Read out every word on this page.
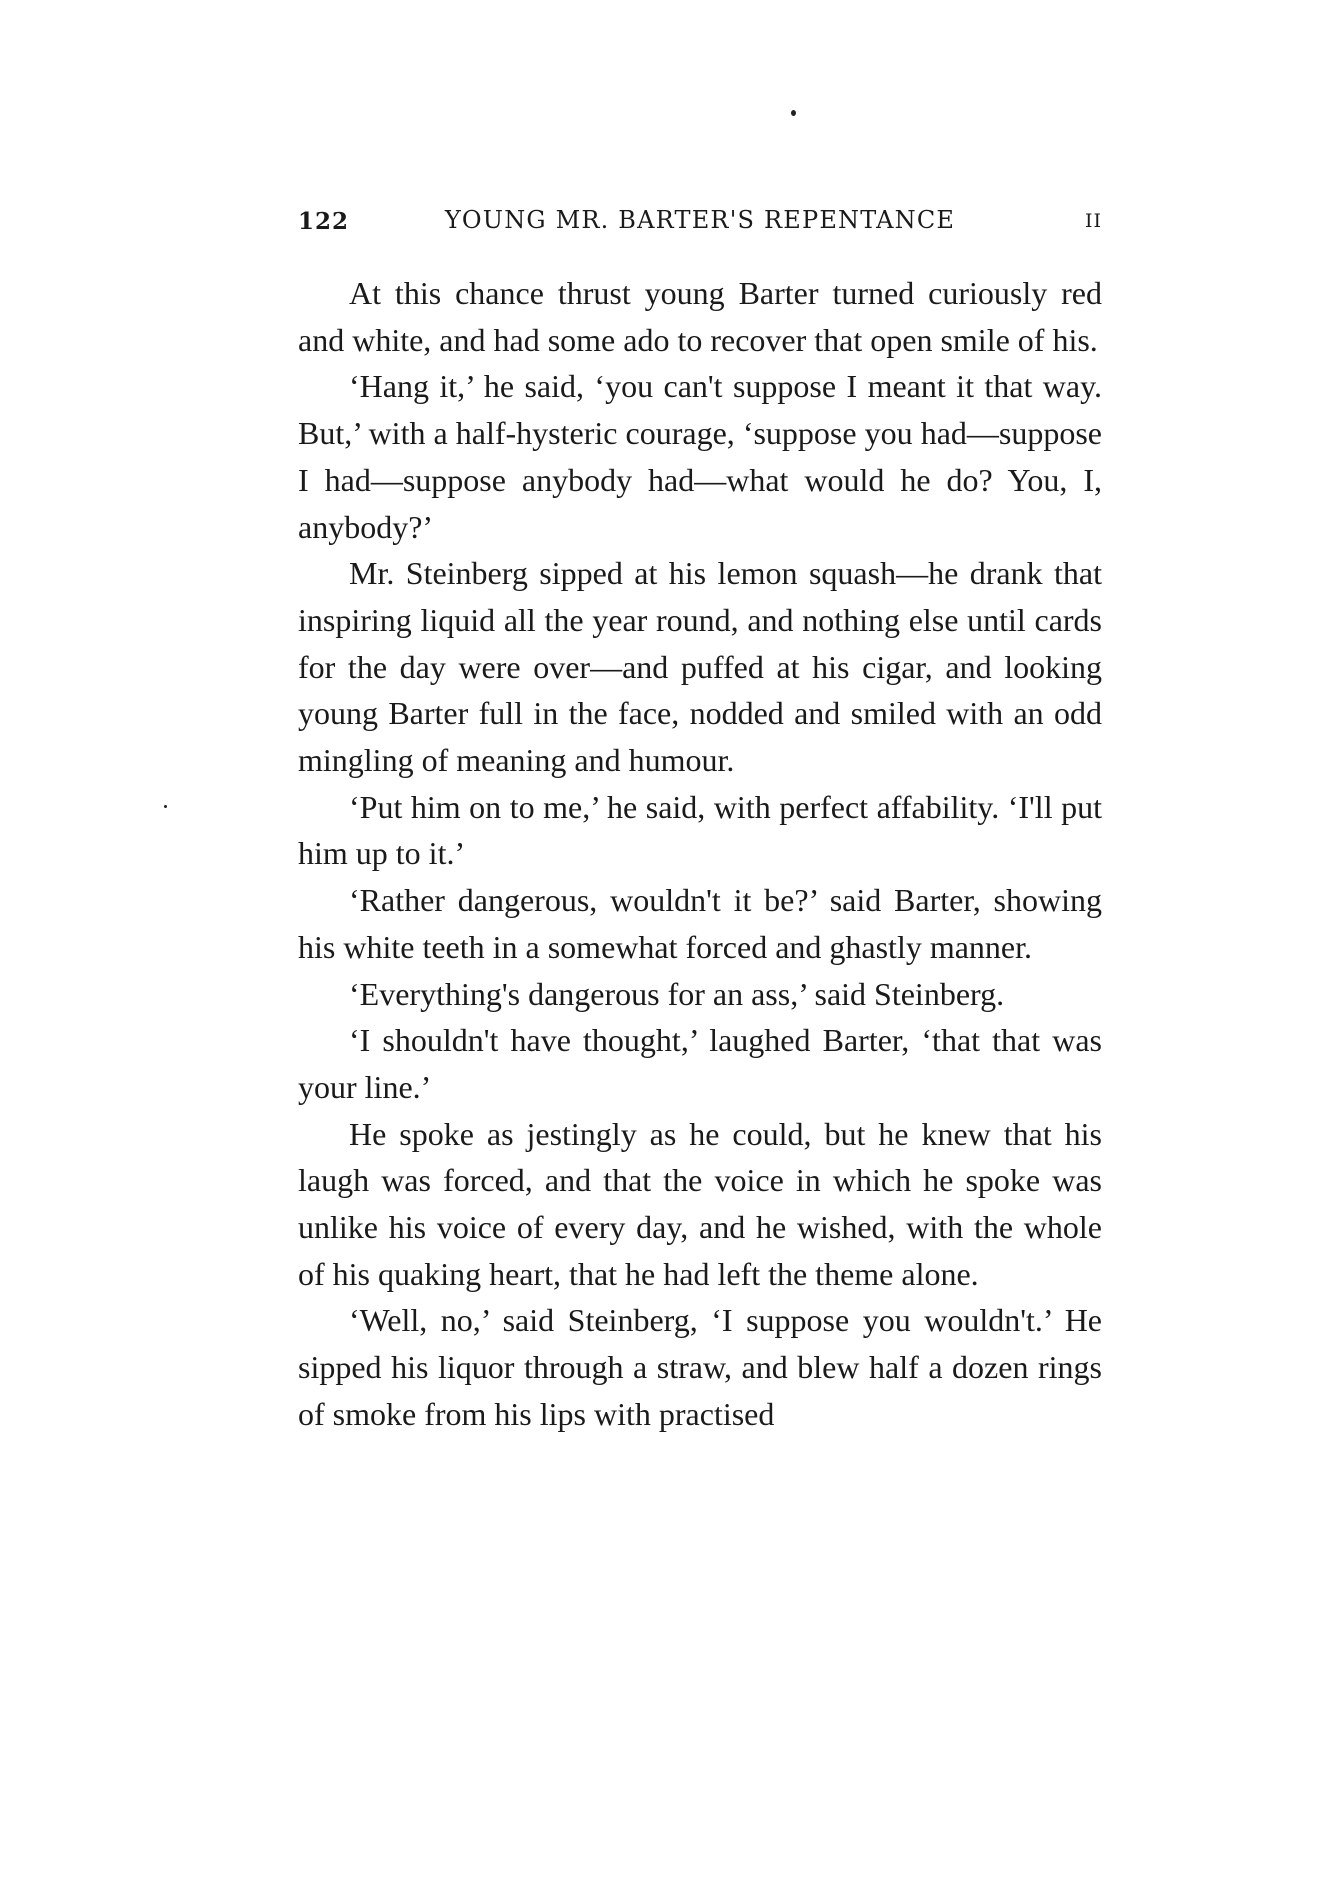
122	YOUNG MR. BARTER'S REPENTANCE	II

At this chance thrust young Barter turned curiously red and white, and had some ado to recover that open smile of his.

‘Hang it,’ he said, ‘you can't suppose I meant it that way. But,’ with a half-hysteric courage, ‘suppose you had—suppose I had—suppose anybody had—what would he do? You, I, anybody?’

Mr. Steinberg sipped at his lemon squash—he drank that inspiring liquid all the year round, and nothing else until cards for the day were over—and puffed at his cigar, and looking young Barter full in the face, nodded and smiled with an odd mingling of meaning and humour.

‘Put him on to me,’ he said, with perfect affability. ‘I'll put him up to it.’

‘Rather dangerous, wouldn't it be?’ said Barter, showing his white teeth in a somewhat forced and ghastly manner.

‘Everything's dangerous for an ass,’ said Steinberg.

‘I shouldn't have thought,’ laughed Barter, ‘that that was your line.’

He spoke as jestingly as he could, but he knew that his laugh was forced, and that the voice in which he spoke was unlike his voice of every day, and he wished, with the whole of his quaking heart, that he had left the theme alone.

‘Well, no,’ said Steinberg, ‘I suppose you wouldn't.’ He sipped his liquor through a straw, and blew half a dozen rings of smoke from his lips with practised
